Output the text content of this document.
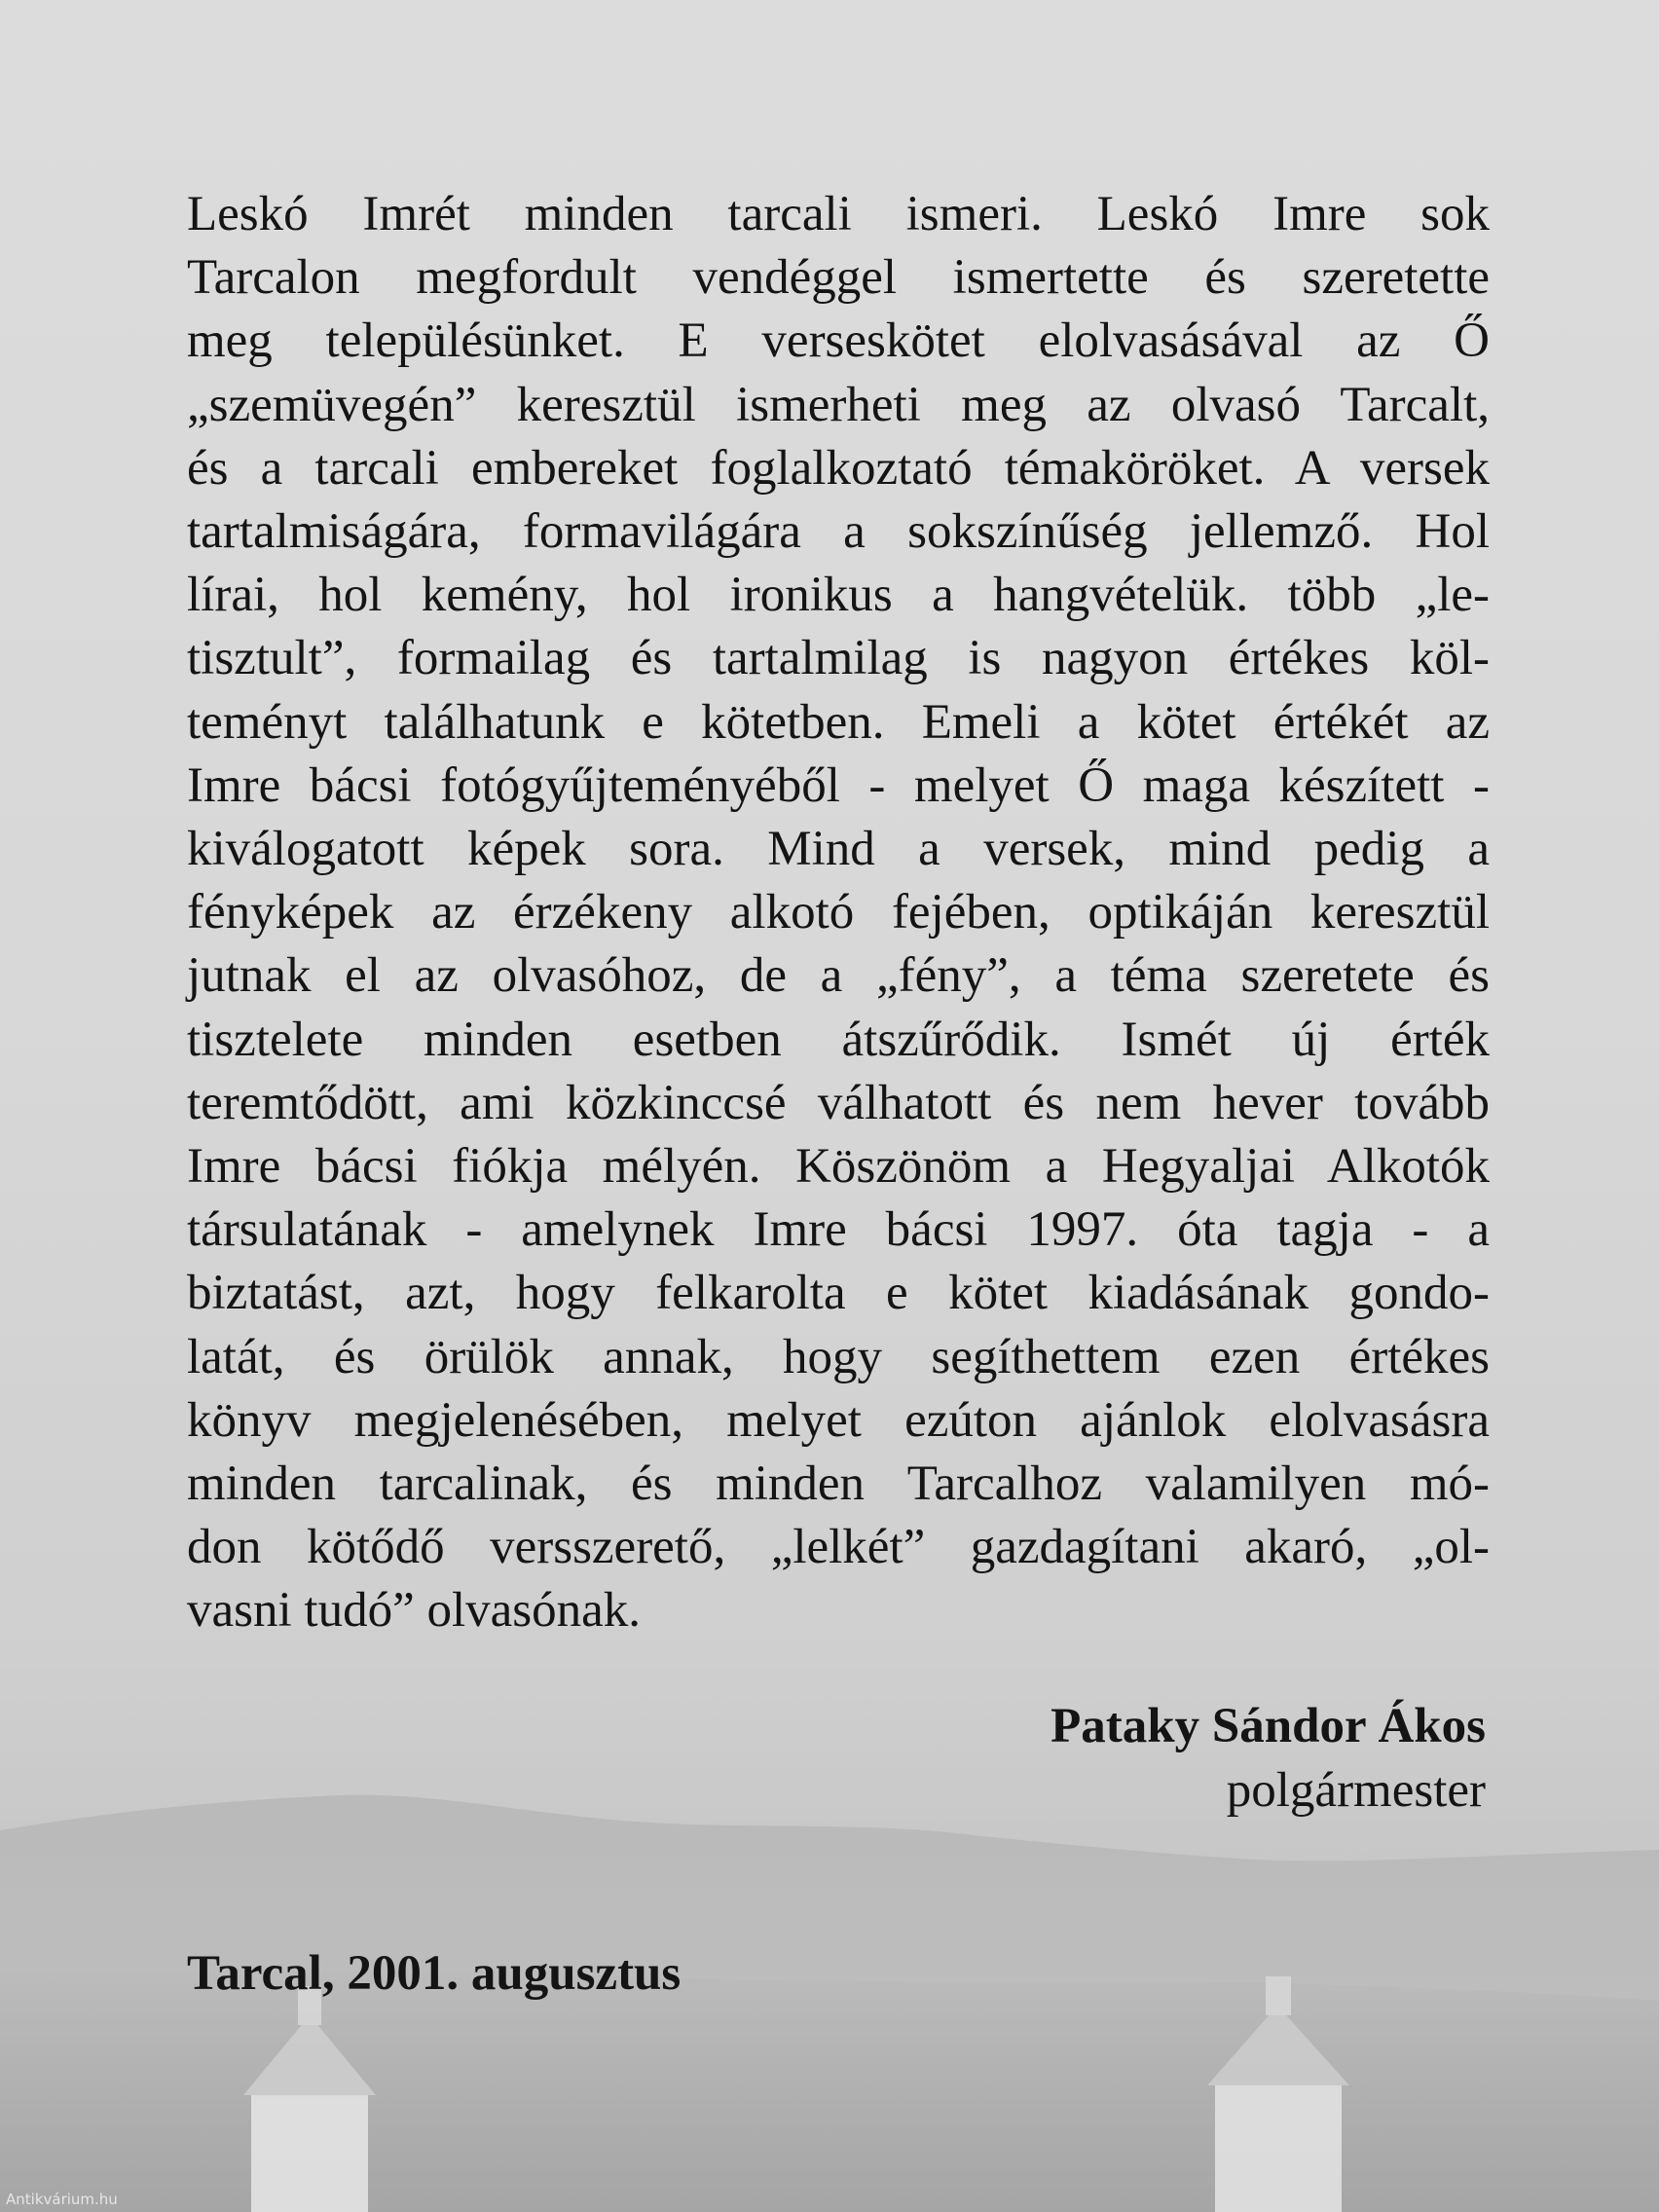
Leskó Imrét minden tarcali ismeri. Leskó Imre sok
Tarcalon megfordult vendéggel ismertette és szeretette
meg településünket. E verseskötet elolvasásával az Ő
„szemüvegén” keresztül ismerheti meg az olvasó Tarcalt,
és a tarcali embereket foglalkoztató témaköröket. A versek
tartalmiságára, formavilágára a sokszínűség jellemző. Hol
lírai, hol kemény, hol ironikus a hangvételük. több „le-
tisztult”, formailag és tartalmilag is nagyon értékes köl-
teményt találhatunk e kötetben. Emeli a kötet értékét az
Imre bácsi fotógyűjteményéből - melyet Ő maga készített -
kiválogatott képek sora. Mind a versek, mind pedig a
fényképek az érzékeny alkotó fejében, optikáján keresztül
jutnak el az olvasóhoz, de a „fény”, a téma szeretete és
tisztelete minden esetben átszűrődik. Ismét új érték
teremtődött, ami közkinccsé válhatott és nem hever tovább
Imre bácsi fiókja mélyén. Köszönöm a Hegyaljai Alkotók
társulatának - amelynek Imre bácsi 1997. óta tagja - a
biztatást, azt, hogy felkarolta e kötet kiadásának gondo-
latát, és örülök annak, hogy segíthettem ezen értékes
könyv megjelenésében, melyet ezúton ajánlok elolvasásra
minden tarcalinak, és minden Tarcalhoz valamilyen mó-
don kötődő versszerető, „lelkét” gazdagítani akaró, „ol-
vasni tudó” olvasónak.
Pataky Sándor Ákos
polgármester
Tarcal, 2001. augusztus
Antikvárium.hu
